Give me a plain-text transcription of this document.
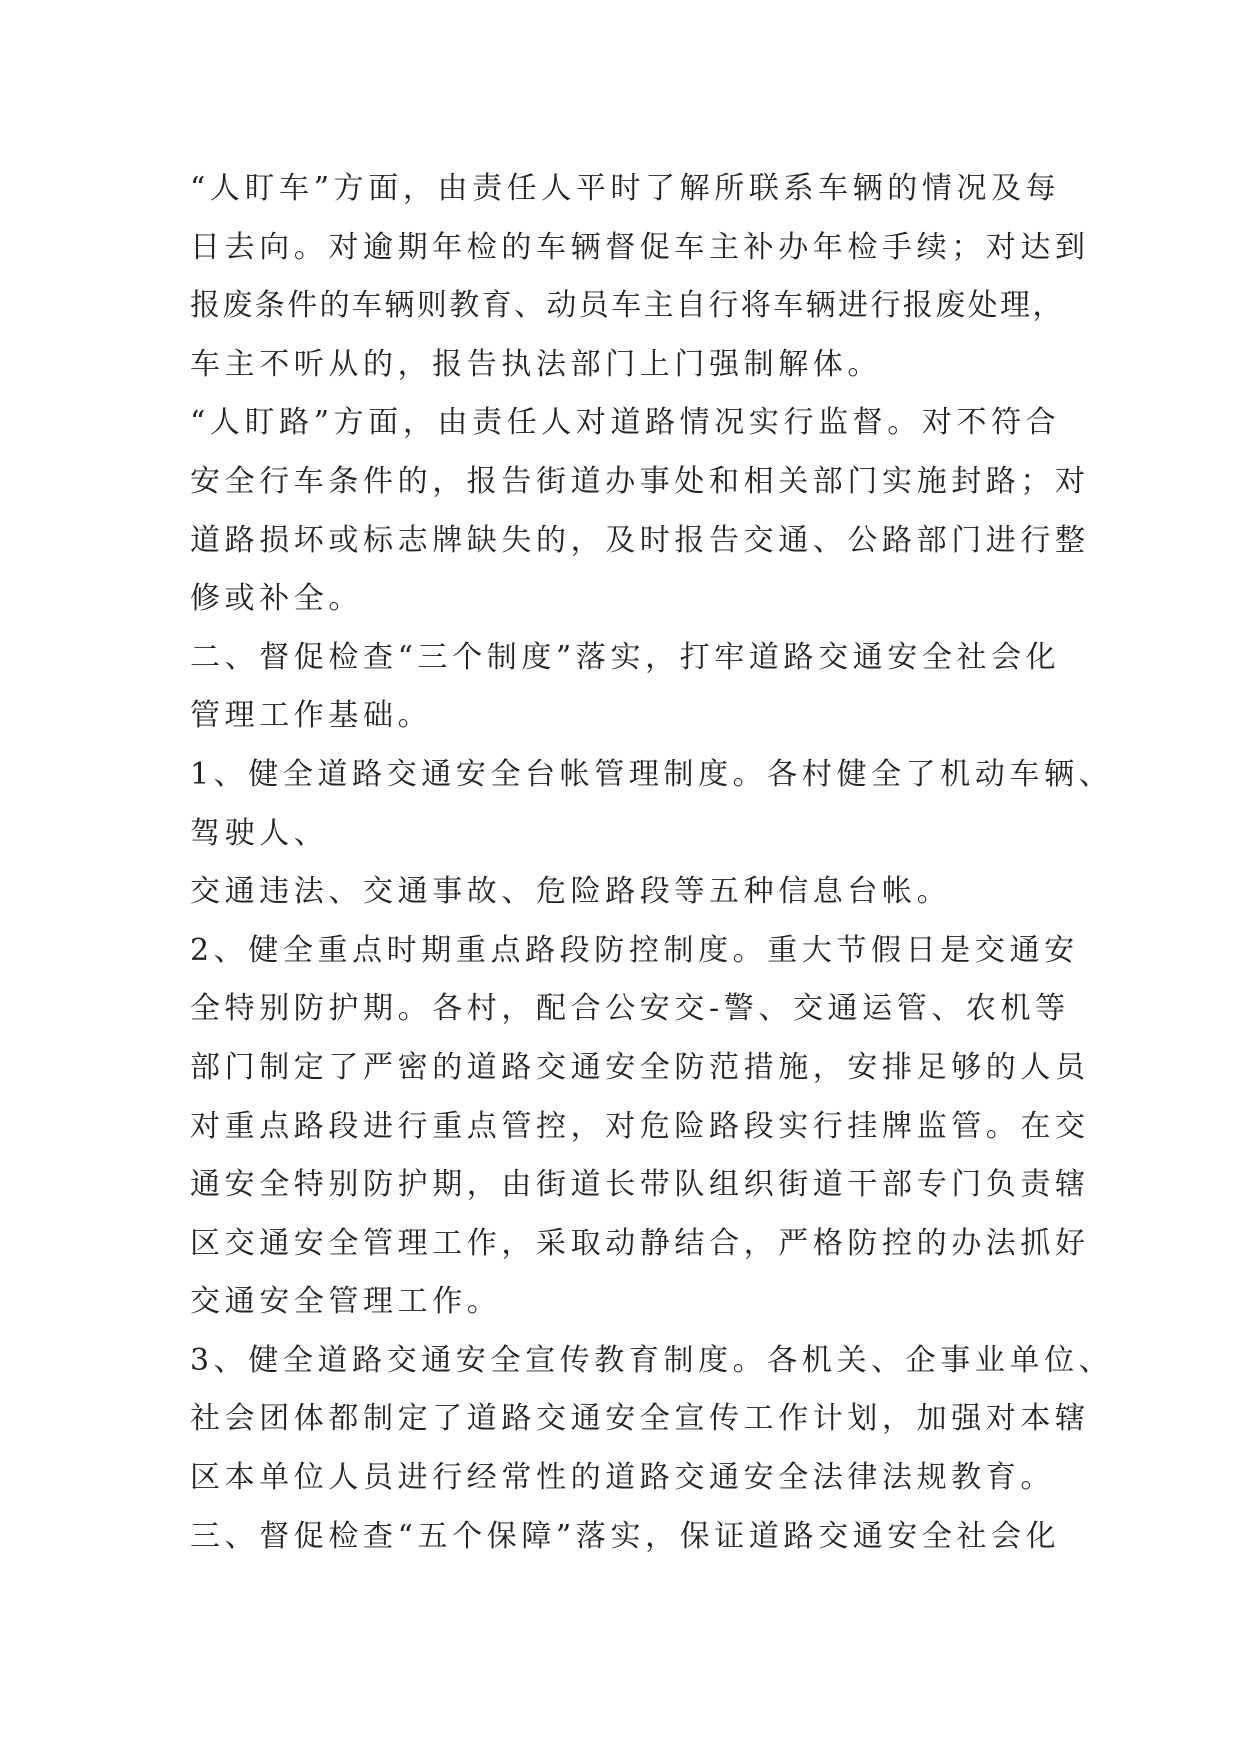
“人盯车”方面，由责任人平时了解所联系车辆的情况及每
日去向。对逾期年检的车辆督促车主补办年检手续；对达到
报废条件的车辆则教育、动员车主自行将车辆进行报废处理，
车主不听从的，报告执法部门上门强制解体。
“人盯路”方面，由责任人对道路情况实行监督。对不符合
安全行车条件的，报告街道办事处和相关部门实施封路；对
道路损坏或标志牌缺失的，及时报告交通、公路部门进行整
修或补全。
二、督促检查“三个制度”落实，打牢道路交通安全社会化
管理工作基础。
1、健全道路交通安全台帐管理制度。各村健全了机动车辆、
驾驶人、
交通违法、交通事故、危险路段等五种信息台帐。
2、健全重点时期重点路段防控制度。重大节假日是交通安
全特别防护期。各村，配合公安交-警、交通运管、农机等
部门制定了严密的道路交通安全防范措施，安排足够的人员
对重点路段进行重点管控，对危险路段实行挂牌监管。在交
通安全特别防护期，由街道长带队组织街道干部专门负责辖
区交通安全管理工作，采取动静结合，严格防控的办法抓好
交通安全管理工作。
3、健全道路交通安全宣传教育制度。各机关、企事业单位、
社会团体都制定了道路交通安全宣传工作计划，加强对本辖
区本单位人员进行经常性的道路交通安全法律法规教育。
三、督促检查“五个保障”落实，保证道路交通安全社会化
